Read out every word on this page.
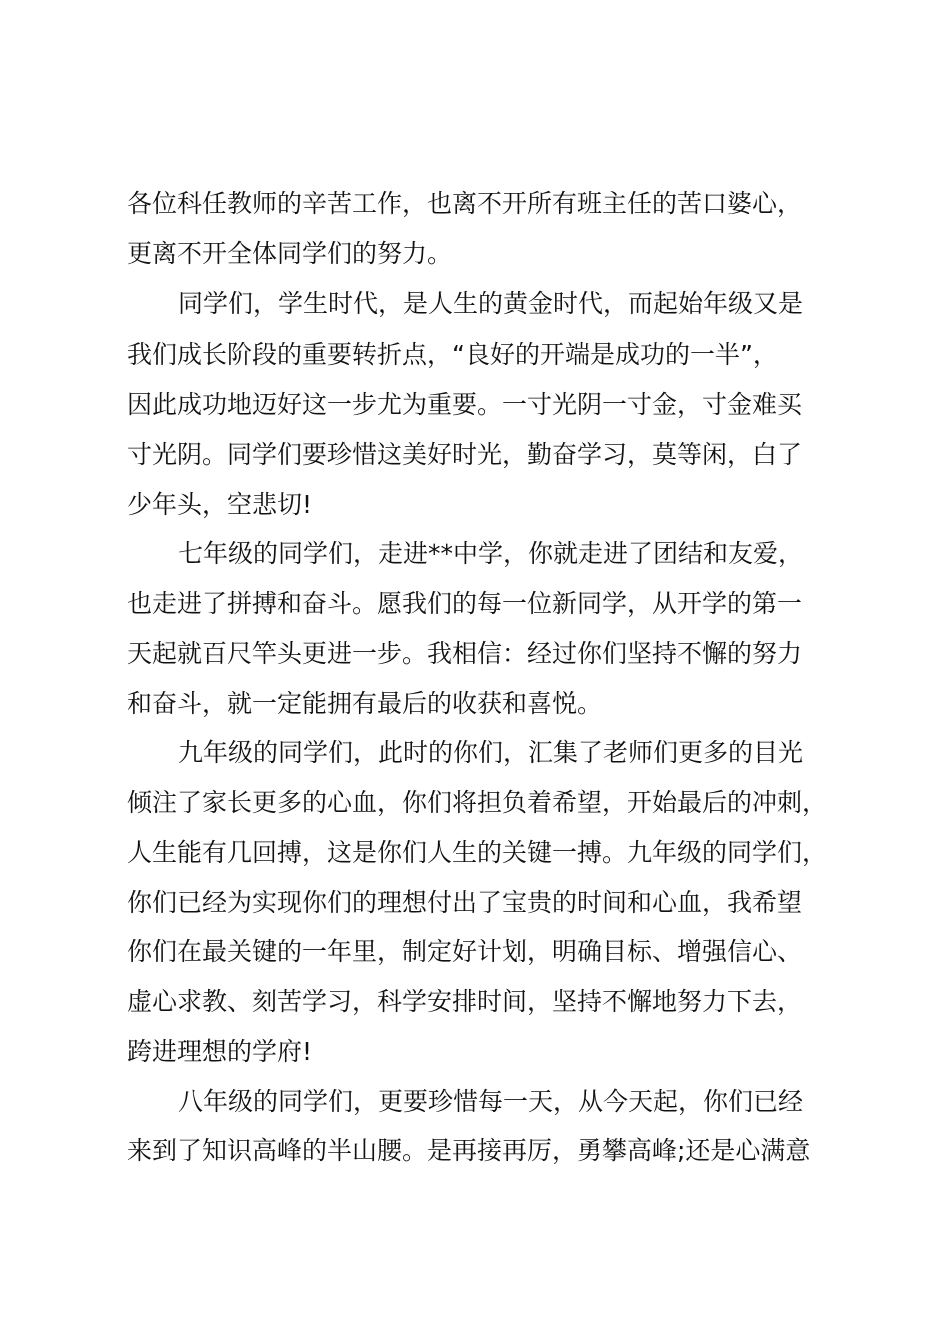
各位科任教师的辛苦工作，也离不开所有班主任的苦口婆心，
更离不开全体同学们的努力。
同学们，学生时代，是人生的黄金时代，而起始年级又是
我们成长阶段的重要转折点，“良好的开端是成功的一半”，
因此成功地迈好这一步尤为重要。一寸光阴一寸金，寸金难买
寸光阴。同学们要珍惜这美好时光，勤奋学习，莫等闲，白了
少年头，空悲切!
七年级的同学们，走进**中学，你就走进了团结和友爱，
也走进了拼搏和奋斗。愿我们的每一位新同学，从开学的第一
天起就百尺竿头更进一步。我相信：经过你们坚持不懈的努力
和奋斗，就一定能拥有最后的收获和喜悦。
九年级的同学们，此时的你们，汇集了老师们更多的目光
倾注了家长更多的心血，你们将担负着希望，开始最后的冲刺，
人生能有几回搏，这是你们人生的关键一搏。九年级的同学们，
你们已经为实现你们的理想付出了宝贵的时间和心血，我希望
你们在最关键的一年里，制定好计划，明确目标、增强信心、
虚心求教、刻苦学习，科学安排时间，坚持不懈地努力下去，
跨进理想的学府!
八年级的同学们，更要珍惜每一天，从今天起，你们已经
来到了知识高峰的半山腰。是再接再厉，勇攀高峰;还是心满意
